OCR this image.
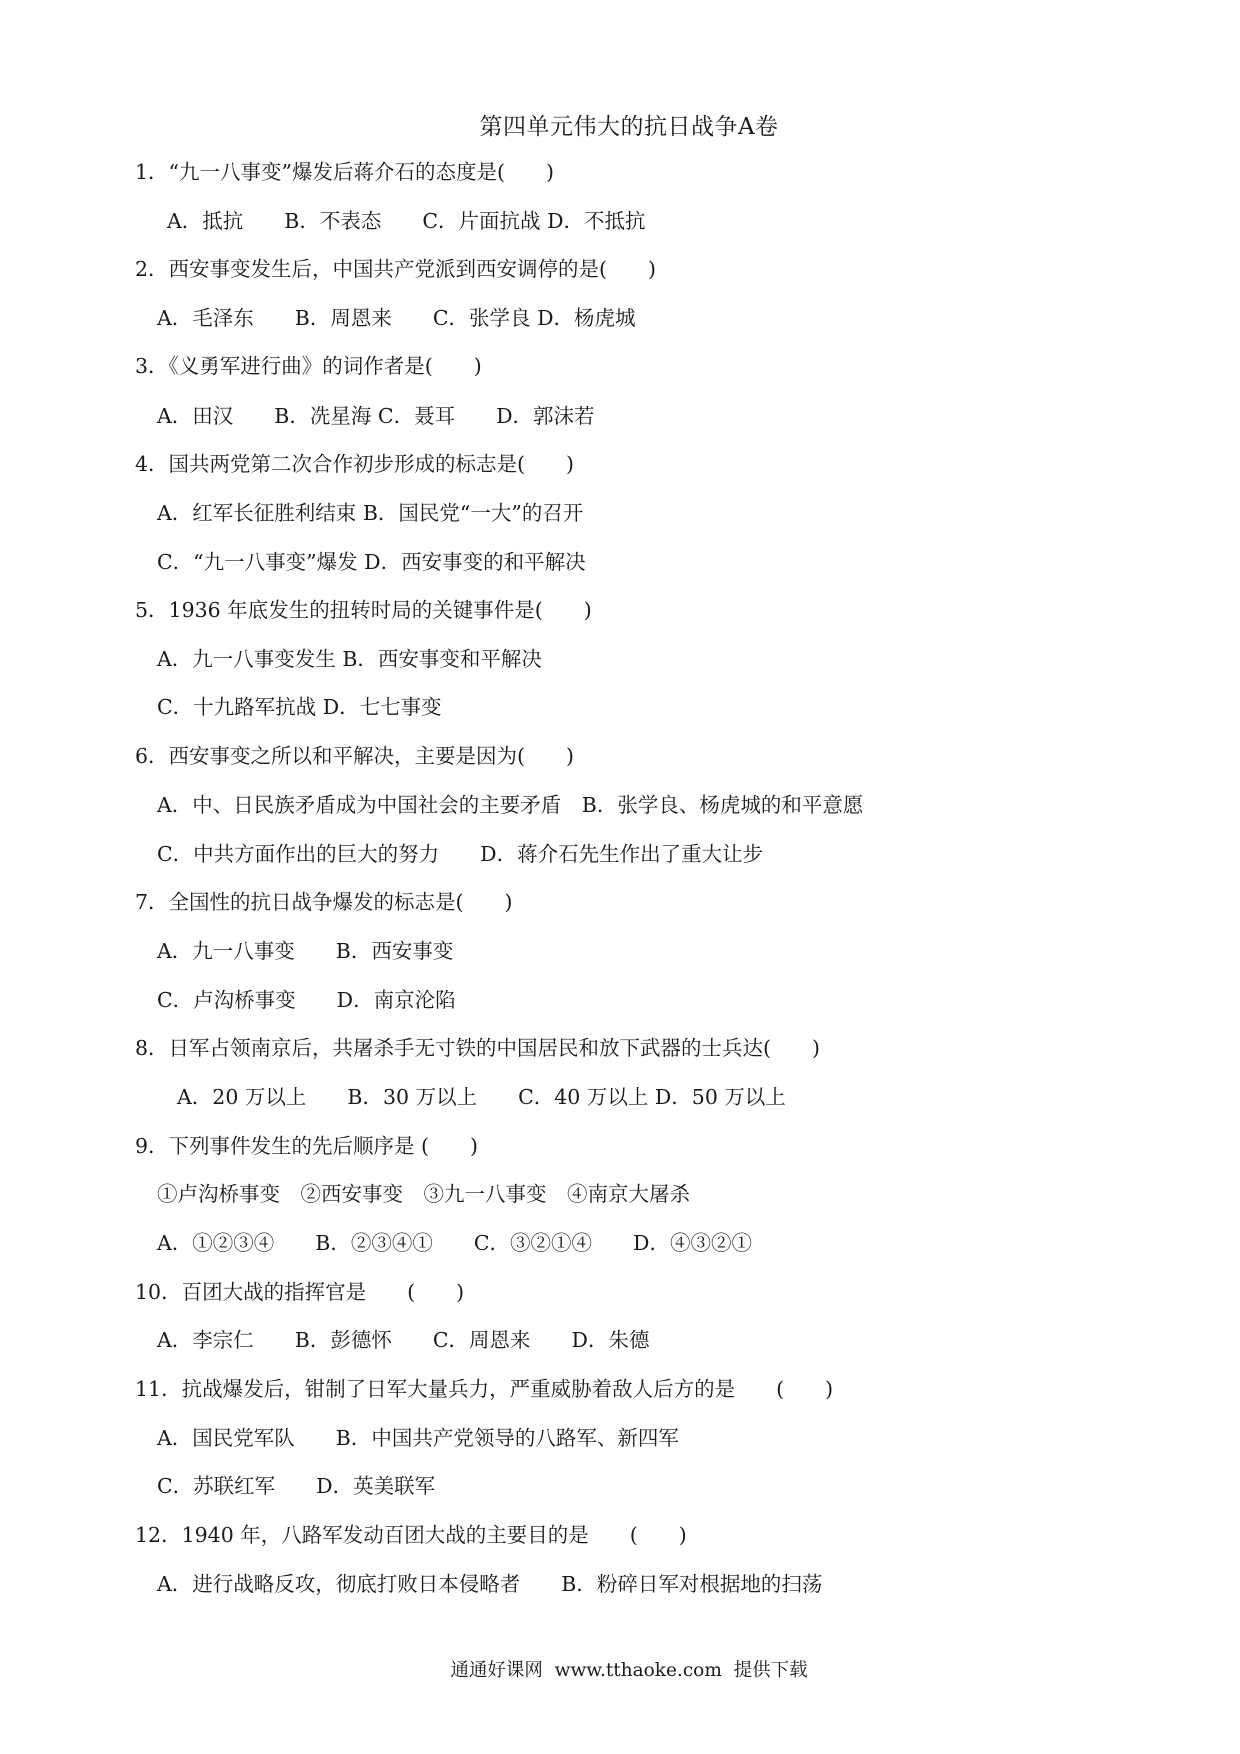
第四单元伟大的抗日战争A卷
1．“九一八事变”爆发后蒋介石的态度是(　　)
A．抵抗　　B．不表态　　C．片面抗战 D．不抵抗
2．西安事变发生后，中国共产党派到西安调停的是(　　)
A．毛泽东　　B．周恩来　　C．张学良 D．杨虎城
3．《义勇军进行曲》的词作者是(　　)
A．田汉　　B．冼星海 C．聂耳　　D．郭沫若
4．国共两党第二次合作初步形成的标志是(　　)
A．红军长征胜利结束 B．国民党“一大”的召开
C．“九一八事变”爆发 D．西安事变的和平解决
5．1936 年底发生的扭转时局的关键事件是(　　)
A．九一八事变发生 B．西安事变和平解决
C．十九路军抗战 D．七七事变
6．西安事变之所以和平解决，主要是因为(　　)
A．中、日民族矛盾成为中国社会的主要矛盾　B．张学良、杨虎城的和平意愿
C．中共方面作出的巨大的努力　　D．蒋介石先生作出了重大让步
7．全国性的抗日战争爆发的标志是(　　)
A．九一八事变　　B．西安事变
C．卢沟桥事变　　D．南京沦陷
8．日军占领南京后，共屠杀手无寸铁的中国居民和放下武器的士兵达(　　)
A．20 万以上　　B．30 万以上　　C．40 万以上 D．50 万以上
9．下列事件发生的先后顺序是 (　　)
①卢沟桥事变　②西安事变　③九一八事变　④南京大屠杀
A．①②③④　　B．②③④①　　C．③②①④　　D．④③②①
10．百团大战的指挥官是　　(　　)
A．李宗仁　　B．彭德怀　　C．周恩来　　D．朱德
11．抗战爆发后，钳制了日军大量兵力，严重威胁着敌人后方的是　　(　　)
A．国民党军队　　B．中国共产党领导的八路军、新四军
C．苏联红军　　D．英美联军
12．1940 年，八路军发动百团大战的主要目的是　　(　　)
A．进行战略反攻，彻底打败日本侵略者　　B．粉碎日军对根据地的扫荡
通通好课网  www.tthaoke.com  提供下载
